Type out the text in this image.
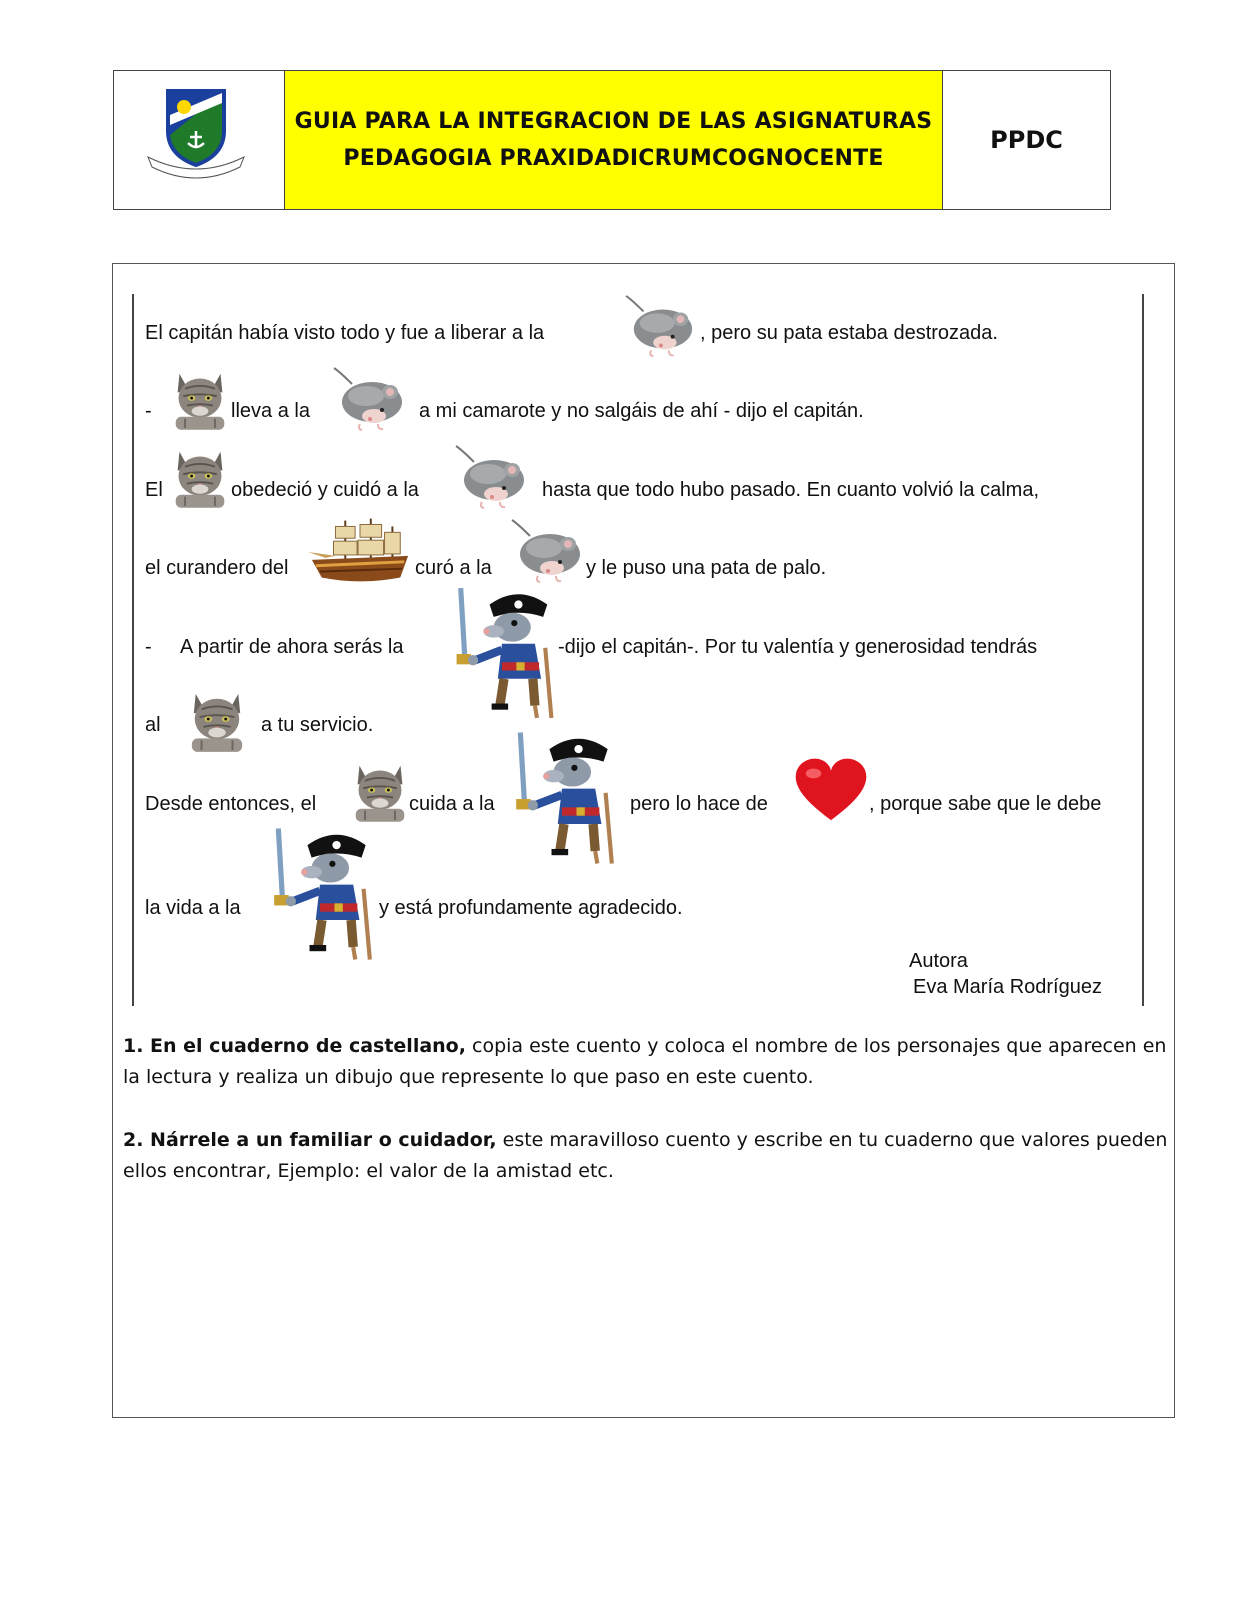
GUIA PARA LA INTEGRACION DE LAS ASIGNATURAS
PEDAGOGIA PRAXIDADICRUMCOGNOCENTE
PPDC
El capitán había visto todo y fue a liberar a la	, pero su pata estaba destrozada.
-	lleva a la	a mi camarote y no salgáis de ahí - dijo el capitán.
El	obedeció y cuidó a la	hasta que todo hubo pasado. En cuanto volvió la calma,
el curandero del	curó a la	y le puso una pata de palo.
- A partir de ahora serás la	-dijo el capitán-. Por tu valentía y generosidad tendrás
al	a tu servicio.
Desde entonces, el	cuida a la	pero lo hace de	, porque sabe que le debe
la vida a la	y está profundamente agradecido.
Autora
Eva María Rodríguez
1. En el cuaderno de castellano, copia este cuento y coloca el nombre de los personajes que aparecen en la lectura y realiza un dibujo que represente lo que paso en este cuento.
2. Nárrele a un familiar o cuidador, este maravilloso cuento y escribe en tu cuaderno que valores pueden ellos encontrar, Ejemplo: el valor de la amistad etc.
